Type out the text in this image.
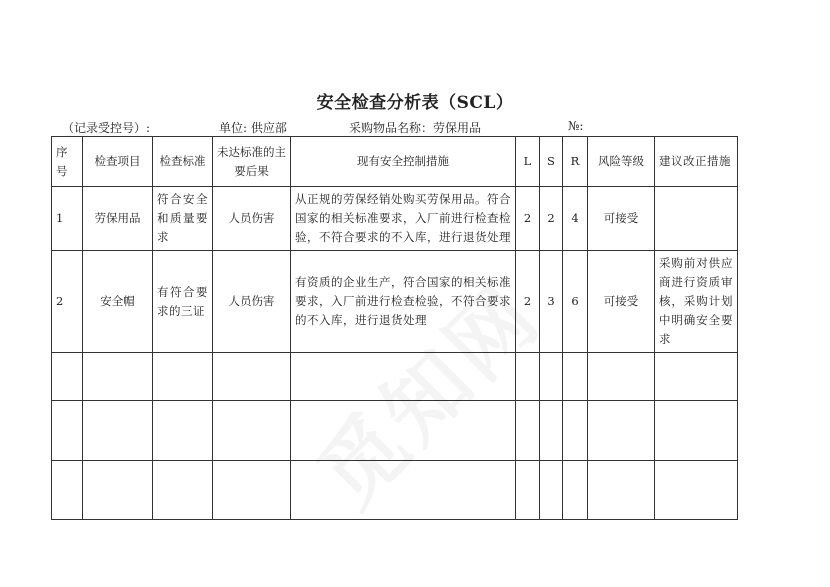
安全检查分析表（SCL）
（记录受控号）:	单位: 供应部	采购物品名称：劳保用品	№:
序号	检查项目	检查标准	未达标准的主要后果	现有安全控制措施	L	S	R	风险等级	建议改正措施
1	劳保用品	符合安全和质量要求	人员伤害	从正规的劳保经销处购买劳保用品。符合国家的相关标准要求，入厂前进行检查检验，不符合要求的不入库，进行退货处理	2	2	4	可接受	
2	安全帽	有符合要求的三证	人员伤害	有资质的企业生产，符合国家的相关标准要求，入厂前进行检查检验，不符合要求的不入库，进行退货处理	2	3	6	可接受	采购前对供应商进行资质审核，采购计划中明确安全要求
